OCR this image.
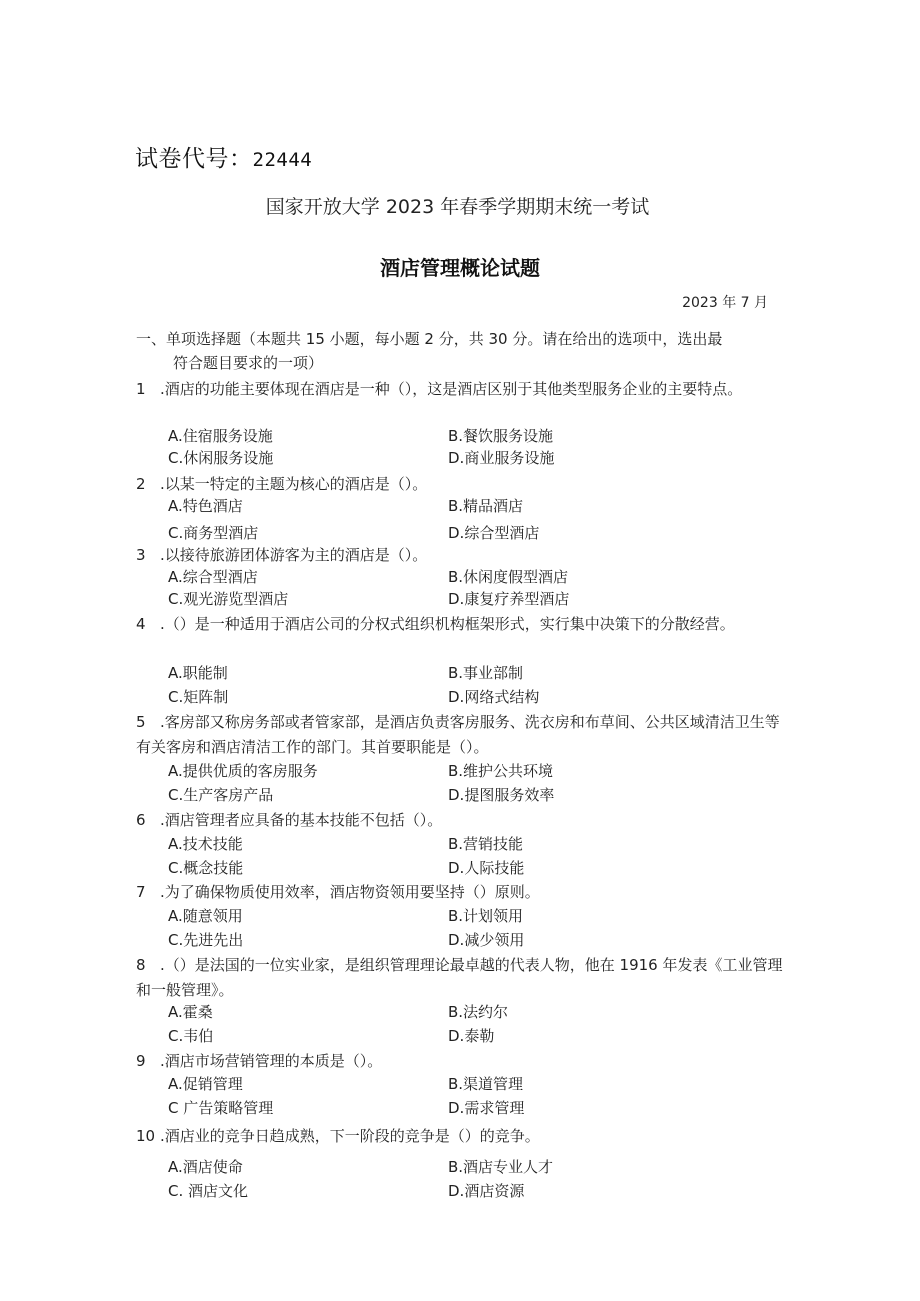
试卷代号：22444
国家开放大学 2023 年春季学期期末统一考试
酒店管理概论试题
2023 年 7 月
一、单项选择题（本题共 15 小题，每小题 2 分，共 30 分。请在给出的选项中，选出最
符合题目要求的一项）
1 .酒店的功能主要体现在酒店是一种（），这是酒店区别于其他类型服务企业的主要特点。
A.住宿服务设施	B.餐饮服务设施
C.休闲服务设施	D.商业服务设施
2 .以某一特定的主题为核心的酒店是（）。
A.特色酒店	B.精品酒店
C.商务型酒店	D.综合型酒店
3 .以接待旅游团体游客为主的酒店是（）。
A.综合型酒店	B.休闲度假型酒店
C.观光游览型酒店	D.康复疗养型酒店
4 .（）是一种适用于酒店公司的分权式组织机构框架形式，实行集中决策下的分散经营。
A.职能制	B.事业部制
C.矩阵制	D.网络式结构
5 .客房部又称房务部或者管家部，是酒店负责客房服务、洗衣房和布草间、公共区域清洁卫生等有关客房和酒店清洁工作的部门。其首要职能是（）。
A.提供优质的客房服务	B.维护公共环境
C.生产客房产品	D.提图服务效率
6 .酒店管理者应具备的基本技能不包括（）。
A.技术技能	B.营销技能
C.概念技能	D.人际技能
7 .为了确保物质使用效率，酒店物资领用要坚持（）原则。
A.随意领用	B.计划领用
C.先进先出	D.减少领用
8 .（）是法国的一位实业家，是组织管理理论最卓越的代表人物，他在 1916 年发表《工业管理和一般管理》。
A.霍桑	B.法约尔
C.韦伯	D.泰勒
9 .酒店市场营销管理的本质是（）。
A.促销管理	B.渠道管理
C 广告策略管理	D.需求管理
10 .酒店业的竞争日趋成熟，下一阶段的竞争是（）的竞争。
A.酒店使命	B.酒店专业人才
C. 酒店文化	D.酒店资源
